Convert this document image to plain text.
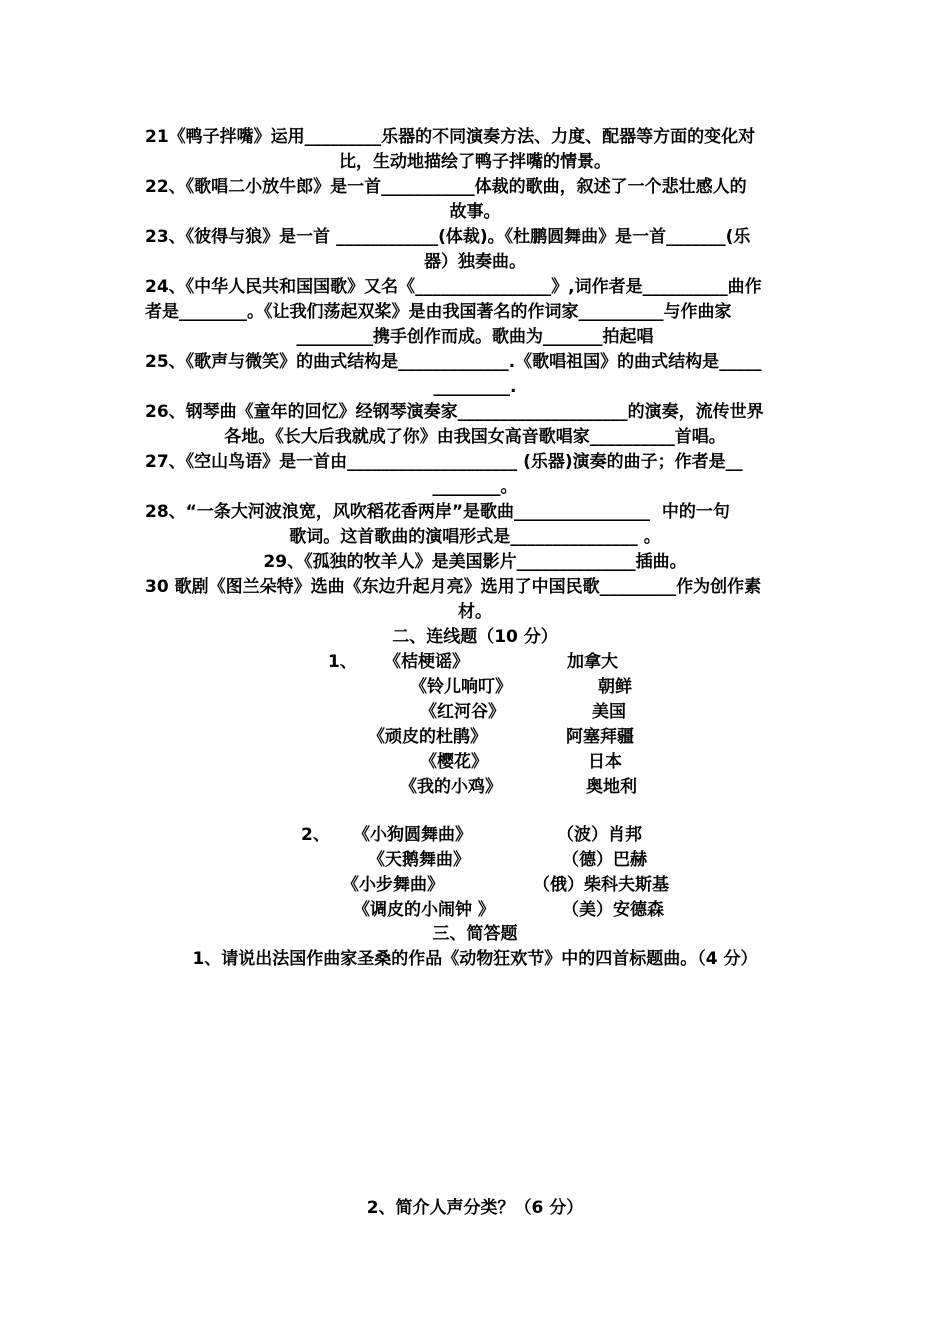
21《鸭子拌嘴》运用_________乐器的不同演奏方法、力度、配器等方面的变化对
比，生动地描绘了鸭子拌嘴的情景。
22、《歌唱二小放牛郎》是一首___________体裁的歌曲，叙述了一个悲壮感人的
故事。
23、《彼得与狼》是一首 ____________(体裁)。《杜鹏圆舞曲》是一首_______(乐
器）独奏曲。
24、《中华人民共和国国歌》又名《________________》,词作者是__________曲作
者是________。《让我们荡起双桨》是由我国著名的作词家__________与作曲家
_________携手创作而成。歌曲为_______拍起唱
25、《歌声与微笑》的曲式结构是_____________.《歌唱祖国》的曲式结构是_____
_________.
26、钢琴曲《童年的回忆》经钢琴演奏家____________________的演奏，流传世界
各地。《长大后我就成了你》由我国女高音歌唱家__________首唱。
27、《空山鸟语》是一首由____________________ (乐器)演奏的曲子；作者是__
________。
28、“一条大河波浪宽，风吹稻花香两岸”是歌曲________________  中的一句
歌词。这首歌曲的演唱形式是_______________ 。
29、《孤独的牧羊人》是美国影片______________插曲。
30 歌剧《图兰朵特》选曲《东边升起月亮》选用了中国民歌_________作为创作素
材。
二、连线题（10 分）
1、 《桔梗谣》
《铃儿响叮》
《红河谷》
《顽皮的杜鹃》
《樱花》
《我的小鸡》
加拿大
朝鲜
美国
阿塞拜疆
日本
奥地利
2、 《小狗圆舞曲》
《天鹅舞曲》
《小步舞曲》
《调皮的小闹钟 》
（波）肖邦
（德）巴赫
（俄）柴科夫斯基
（美）安德森
三、简答题
1、请说出法国作曲家圣桑的作品《动物狂欢节》中的四首标题曲。（4 分）
2、简介人声分类？（6 分）
